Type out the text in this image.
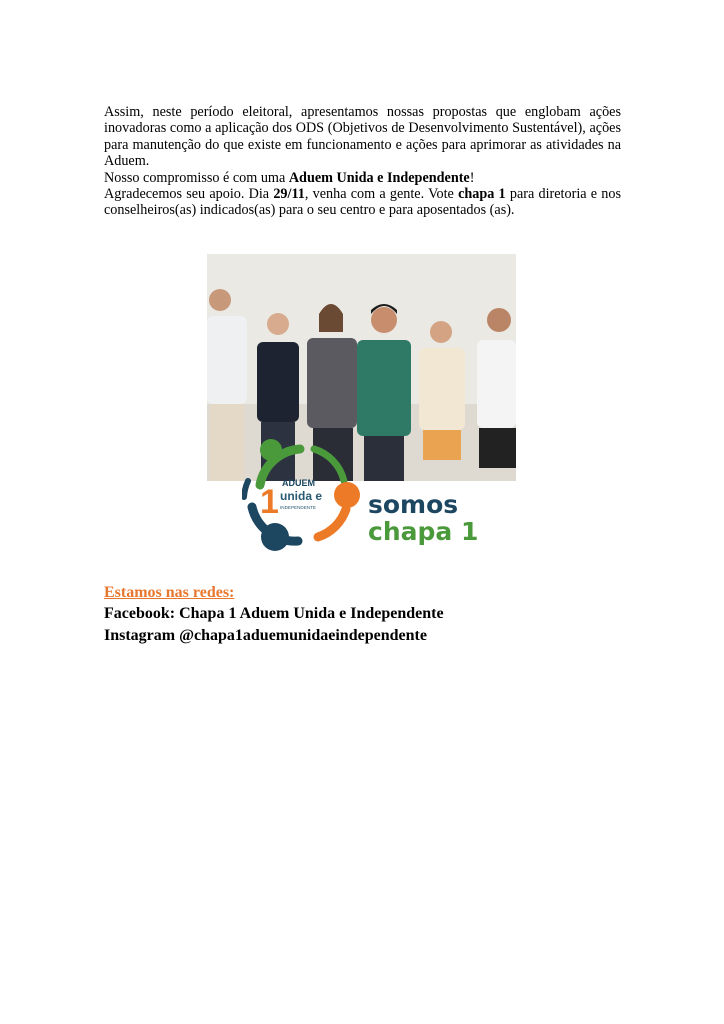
Assim, neste período eleitoral, apresentamos nossas propostas que englobam ações inovadoras como a aplicação dos ODS (Objetivos de Desenvolvimento Sustentável), ações para manutenção do que existe em funcionamento e ações para aprimorar as atividades na Aduem.

Nosso compromisso é com uma Aduem Unida e Independente!

Agradecemos seu apoio. Dia 29/11, venha com a gente. Vote chapa 1 para diretoria e nos conselheiros(as) indicados(as) para o seu centro e para aposentados (as).

1 ADUEM
unida e
INDEPENDENTE somos
chapa 1

Estamos nas redes:

Facebook: Chapa 1 Aduem Unida e Independente

Instagram @chapa1aduemunidaeindependente
